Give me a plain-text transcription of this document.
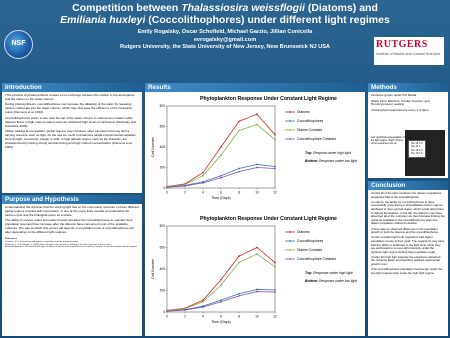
Competition between Thalassiosira weissflogii (Diatoms) and Emiliania huxleyi (Coccolithophores) under different light regimes
Emily Rogalsky, Oscar Schofield, Michael Garzio, Jillian Conicella
evrogalsky@gmail.com
Rutgers University, the State University of New Jersey, New Brunswick NJ USA
NSF	RUTGERS
Institute of Marine and Coastal Sciences
Introduction

•The process of photosynthesis creates a net exchange between the carbon in the atmosphere and the carbon in the water column.

During photosynthesis, coccolithophores can increase the alkalinity of the water by releasing calcium carbonate into the water column, which may decrease the efficiency of the biological pump (Clemens et al. 2010).

•Coccolithophores prefer to live near the top of the water column in nutrient-poor waters while diatoms thrive in high nutrient waters and can withstand high levels of turbulence (Dubinsky and Schofield, 2009).

•When looking at competition, global regions may introduce other elements that may limit a varying resource such as light. As the sea ice melts in Antarctica partial environmental variables, such as light, community margin to shift. In high latitude region, such as the Antarctic, are characterized by having strong vertical mixing and high nutrient concentration (Clemens et al. 2009).

Purpose and Hypothesis

Understanding the dynamic that the varying light has on the community structure in these different global regions coupled with competition, is one of the many links needed to understand the carbon cycle and the biological pump as a whole.

The ability to survive under low nutrient levels will allow the coccolithophores to maintain their population level and then increase after the diatoms have consumed most of the available nutrients. The rate at which this occurs will depend on population level of coccolithophores will alter depending on the different light regimes.

References
Clemens, S.C. Diatom/coccolithophore competition and the biological pump.
Dubinsky, Z. & Schofield, O. (2009) From the light to the darkness: thriving at the light extremes in the oceans.
Acknowledgements: We thank the Rutgers Institute of Marine and Coastal Sciences and the Coastal Ocean Observation Lab for support.
Results
Phytoplankton Response Under Constant Light Regime
0
200
400
600
800
0	2	4	6	8	10	12
Time (Days)
Cell Number
Diatoms
Coccolithophores
Diatom Constant
Coccolithophore Constant
Top: Respond under high light
Bottom: Response under low light
Phytoplankton Response Under Constant Light Regime
0
200
400
600
800
0	2	4	6	8	10	12
Time (Days)
Cell Number
Diatoms
Coccolithophores
Diatom Constant
Coccolithophore Constant
Top: Response under high light
Bottom: Response under low light
Methods

•Cultures grown under F/2 Media

•Daily Flora Machine, Coulter Counter, and Hemocytometer reading

•Chlorophyll measurement every 2-3 days

Left: graphical representation of the light regime. Right: Picture of the experiment set up	%e 15 1.0
%e 15 1
%e 10 1.0
%e 10 1.5
Conclusion

•Under all of the light conditions the diatom populations surpassed that of the coccolithophore.

•In nature, the ability for coccolithophores to have successfully grow during a phytoplankton bloom may be attributed to their survival states, which would allow them to defend themselves. In the lab, the diatoms may have absorbed all of the nutrients into their biomass limiting the nutrients available to the coccolithophores when the diatom population started to decline.

•There was an observed difference in the population growth of both the diatoms and the coccolithophores.

•Under constant light both organisms had higher population counts at their peak. The organisms may have had the ability to acclimate to the light level, while they are acclimated to a mean light intensity under the dynamic light regime limiting their population peak.

•Under the high light intensity the organisms absorbed the nutrients faster and therefore reached exponential growth more.

•The coccolithophores population lived longer under the low light regimes than under the high light regime.
